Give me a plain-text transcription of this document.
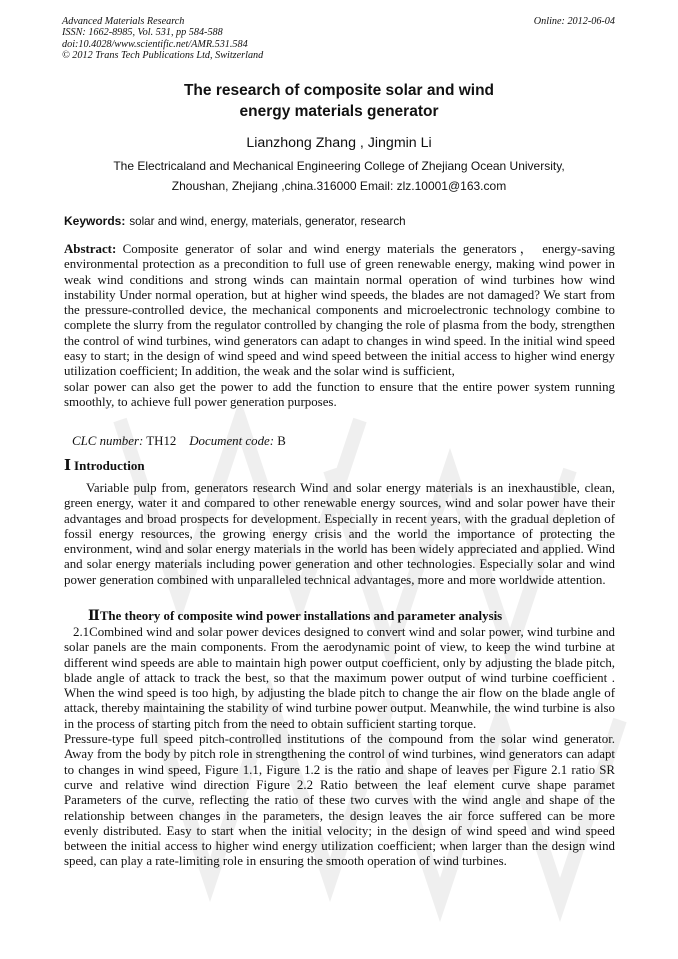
Advanced Materials Research
ISSN: 1662-8985, Vol. 531, pp 584-588
doi:10.4028/www.scientific.net/AMR.531.584
© 2012 Trans Tech Publications Ltd, Switzerland
Online: 2012-06-04
The research of composite solar and wind
energy materials generator
Lianzhong Zhang , Jingmin Li
The Electricaland and Mechanical Engineering College of Zhejiang Ocean University,
Zhoushan, Zhejiang ,china.316000 Email: zlz.10001@163.com
Keywords: solar and wind, energy, materials, generator, research

Abstract: Composite generator of solar and wind energy materials the generators， energy-saving environmental protection as a precondition to full use of green renewable energy, making wind power in weak wind conditions and strong winds can maintain normal operation of wind turbines how wind instability Under normal operation, but at higher wind speeds, the blades are not damaged? We start from the pressure-controlled device, the mechanical components and microelectronic technology combine to complete the slurry from the regulator controlled by changing the role of plasma from the body, strengthen the control of wind turbines, wind generators can adapt to changes in wind speed. In the initial wind speed easy to start; in the design of wind speed and wind speed between the initial access to higher wind energy utilization coefficient; In addition, the weak and the solar wind is sufficient,

solar power can also get the power to add the function to ensure that the entire power system running smoothly, to achieve full power generation purposes.

CLC number: TH12 Document code: B
Ⅰ Introduction

Variable pulp from, generators research Wind and solar energy materials is an inexhaustible, clean, green energy, water it and compared to other renewable energy sources, wind and solar power have their advantages and broad prospects for development. Especially in recent years, with the gradual depletion of fossil energy resources, the growing energy crisis and the world the importance of protecting the environment, wind and solar energy materials in the world has been widely appreciated and applied. Wind and solar energy materials including power generation and other technologies. Especially solar and wind power generation combined with unparalleled technical advantages, more and more worldwide attention.

ⅡThe theory of composite wind power installations and parameter analysis

2.1Combined wind and solar power devices designed to convert wind and solar power, wind turbine and solar panels are the main components. From the aerodynamic point of view, to keep the wind turbine at different wind speeds are able to maintain high power output coefficient, only by adjusting the blade pitch, blade angle of attack to track the best, so that the maximum power output of wind turbine coefficient . When the wind speed is too high, by adjusting the blade pitch to change the air flow on the blade angle of attack, thereby maintaining the stability of wind turbine power output. Meanwhile, the wind turbine is also in the process of starting pitch from the need to obtain sufficient starting torque.

Pressure-type full speed pitch-controlled institutions of the compound from the solar wind generator. Away from the body by pitch role in strengthening the control of wind turbines, wind generators can adapt to changes in wind speed, Figure 1.1, Figure 1.2 is the ratio and shape of leaves per Figure 2.1 ratio SR curve and relative wind direction Figure 2.2 Ratio between the leaf element curve shape paramet Parameters of the curve, reflecting the ratio of these two curves with the wind angle and shape of the relationship between changes in the parameters, the design leaves the air force suffered can be more evenly distributed. Easy to start when the initial velocity; in the design of wind speed and wind speed between the initial access to higher wind energy utilization coefficient; when larger than the design wind speed, can play a rate-limiting role in ensuring the smooth operation of wind turbines.
